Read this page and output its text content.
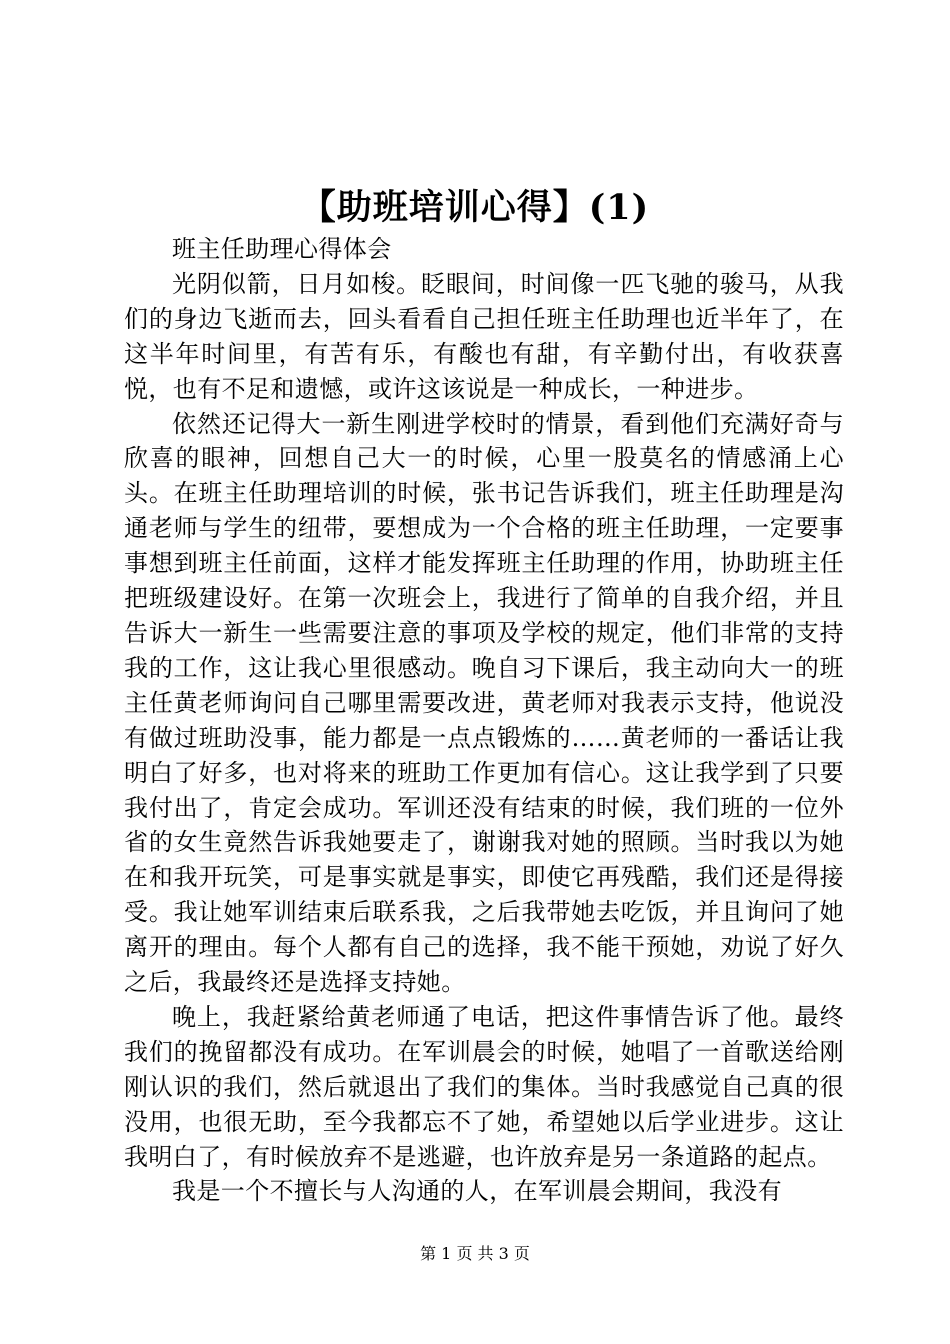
【助班培训心得】(1)

班主任助理心得体会

光阴似箭，日月如梭。眨眼间，时间像一匹飞驰的骏马，从我们的身边飞逝而去，回头看看自己担任班主任助理也近半年了，在这半年时间里，有苦有乐，有酸也有甜，有辛勤付出，有收获喜悦，也有不足和遗憾，或许这该说是一种成长，一种进步。

依然还记得大一新生刚进学校时的情景，看到他们充满好奇与欣喜的眼神，回想自己大一的时候，心里一股莫名的情感涌上心头。在班主任助理培训的时候，张书记告诉我们，班主任助理是沟通老师与学生的纽带，要想成为一个合格的班主任助理，一定要事事想到班主任前面，这样才能发挥班主任助理的作用，协助班主任把班级建设好。在第一次班会上，我进行了简单的自我介绍，并且告诉大一新生一些需要注意的事项及学校的规定，他们非常的支持我的工作，这让我心里很感动。晚自习下课后，我主动向大一的班主任黄老师询问自己哪里需要改进，黄老师对我表示支持，他说没有做过班助没事，能力都是一点点锻炼的……黄老师的一番话让我明白了好多，也对将来的班助工作更加有信心。这让我学到了只要我付出了，肯定会成功。军训还没有结束的时候，我们班的一位外省的女生竟然告诉我她要走了，谢谢我对她的照顾。当时我以为她在和我开玩笑，可是事实就是事实，即使它再残酷，我们还是得接受。我让她军训结束后联系我，之后我带她去吃饭，并且询问了她离开的理由。每个人都有自己的选择，我不能干预她，劝说了好久之后，我最终还是选择支持她。

晚上，我赶紧给黄老师通了电话，把这件事情告诉了他。最终我们的挽留都没有成功。在军训晨会的时候，她唱了一首歌送给刚刚认识的我们，然后就退出了我们的集体。当时我感觉自己真的很没用，也很无助，至今我都忘不了她，希望她以后学业进步。这让我明白了，有时候放弃不是逃避，也许放弃是另一条道路的起点。

我是一个不擅长与人沟通的人，在军训晨会期间，我没有

第 1 页 共 3 页
